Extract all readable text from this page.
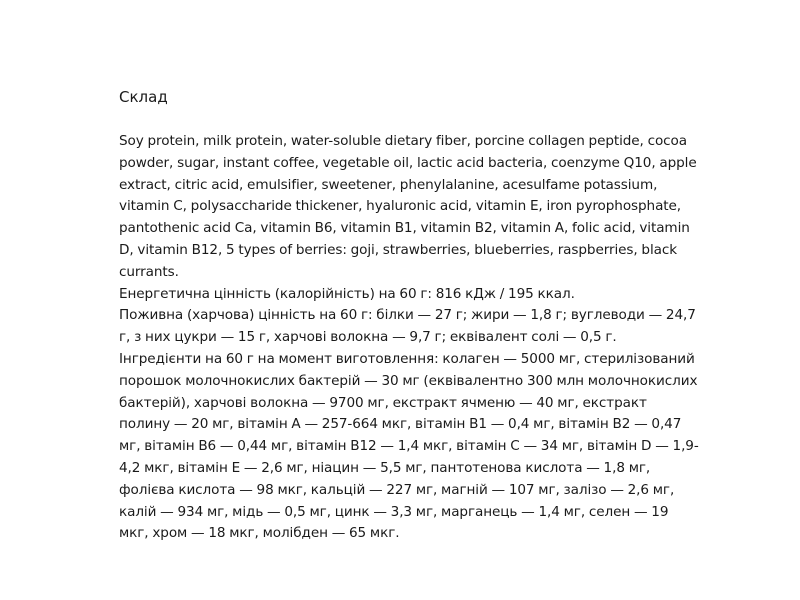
Склад

Soy protein, milk protein, water-soluble dietary fiber, porcine collagen peptide, cocoa powder, sugar, instant coffee, vegetable oil, lactic acid bacteria, coenzyme Q10, apple extract, citric acid, emulsifier, sweetener, phenylalanine, acesulfame potassium, vitamin C, polysaccharide thickener, hyaluronic acid, vitamin E, iron pyrophosphate, pantothenic acid Ca, vitamin B6, vitamin B1, vitamin B2, vitamin A, folic acid, vitamin D, vitamin B12, 5 types of berries: goji, strawberries, blueberries, raspberries, black currants.
Енергетична цінність (калорійність) на 60 г: 816 кДж / 195 ккал.
Поживна (харчова) цінність на 60 г: білки — 27 г; жири — 1,8 г; вуглеводи — 24,7 г, з них цукри — 15 г, харчові волокна — 9,7 г; еквівалент солі — 0,5 г.
Інгредієнти на 60 г на момент виготовлення: колаген — 5000 мг, стерилізований порошок молочнокислих бактерій — 30 мг (еквівалентно 300 млн молочнокислих бактерій), харчові волокна — 9700 мг, екстракт ячменю — 40 мг, екстракт полину — 20 мг, вітамін А — 257-664 мкг, вітамін В1 — 0,4 мг, вітамін В2 — 0,47 мг, вітамін В6 — 0,44 мг, вітамін В12 — 1,4 мкг, вітамін С — 34 мг, вітамін D — 1,9-4,2 мкг, вітамін Е — 2,6 мг, ніацин — 5,5 мг, пантотенова кислота — 1,8 мг, фолієва кислота — 98 мкг, кальцій — 227 мг, магній — 107 мг, залізо — 2,6 мг, калій — 934 мг, мідь — 0,5 мг, цинк — 3,3 мг, марганець — 1,4 мг, селен — 19 мкг, хром — 18 мкг, молібден — 65 мкг.
